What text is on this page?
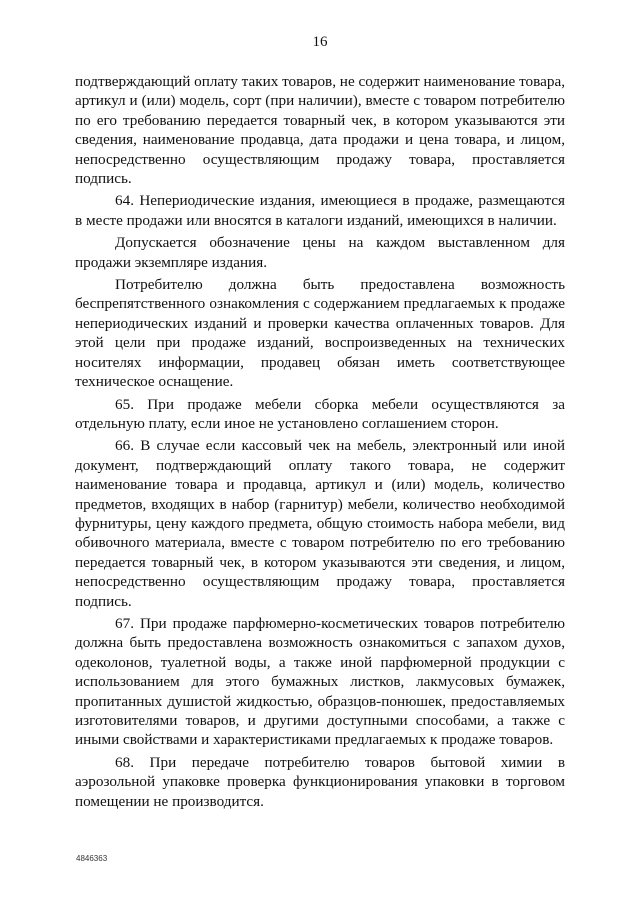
16

подтверждающий оплату таких товаров, не содержит наименование товара, артикул и (или) модель, сорт (при наличии), вместе с товаром потребителю по его требованию передается товарный чек, в котором указываются эти сведения, наименование продавца, дата продажи и цена товара, и лицом, непосредственно осуществляющим продажу товара, проставляется подпись.

64. Непериодические издания, имеющиеся в продаже, размещаются в месте продажи или вносятся в каталоги изданий, имеющихся в наличии.

Допускается обозначение цены на каждом выставленном для продажи экземпляре издания.

Потребителю должна быть предоставлена возможность беспрепятственного ознакомления с содержанием предлагаемых к продаже непериодических изданий и проверки качества оплаченных товаров. Для этой цели при продаже изданий, воспроизведенных на технических носителях информации, продавец обязан иметь соответствующее техническое оснащение.

65. При продаже мебели сборка мебели осуществляются за отдельную плату, если иное не установлено соглашением сторон.

66. В случае если кассовый чек на мебель, электронный или иной документ, подтверждающий оплату такого товара, не содержит наименование товара и продавца, артикул и (или) модель, количество предметов, входящих в набор (гарнитур) мебели, количество необходимой фурнитуры, цену каждого предмета, общую стоимость набора мебели, вид обивочного материала, вместе с товаром потребителю по его требованию передается товарный чек, в котором указываются эти сведения, и лицом, непосредственно осуществляющим продажу товара, проставляется подпись.

67. При продаже парфюмерно-косметических товаров потребителю должна быть предоставлена возможность ознакомиться с запахом духов, одеколонов, туалетной воды, а также иной парфюмерной продукции с использованием для этого бумажных листков, лакмусовых бумажек, пропитанных душистой жидкостью, образцов-понюшек, предоставляемых изготовителями товаров, и другими доступными способами, а также с иными свойствами и характеристиками предлагаемых к продаже товаров.

68. При передаче потребителю товаров бытовой химии в аэрозольной упаковке проверка функционирования упаковки в торговом помещении не производится.

4846363
